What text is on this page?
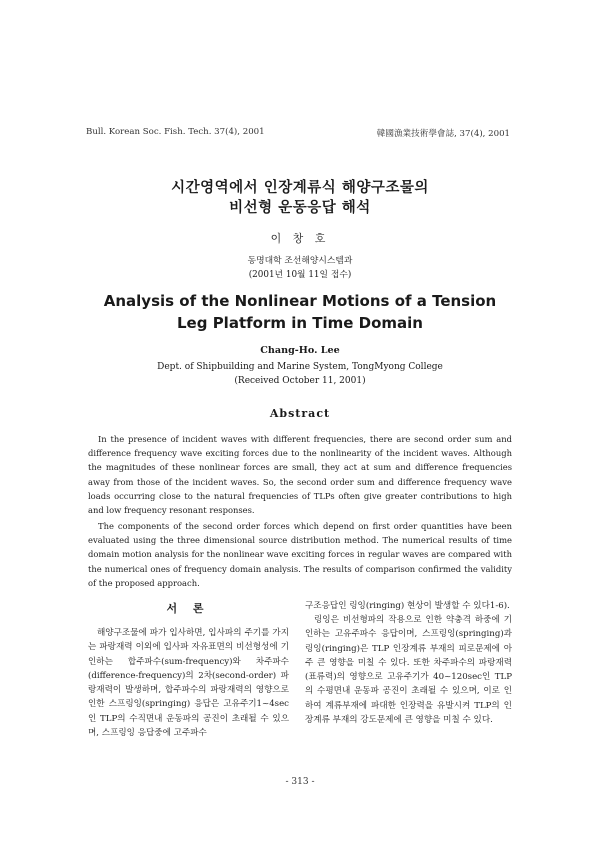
Bull. Korean Soc. Fish. Tech. 37(4), 2001	韓國漁業技術學會誌, 37(4), 2001
시간영역에서 인장계류식 해양구조물의
비선형 운동응답 해석
이 창 호
동명대학 조선해양시스템과
(2001년 10월 11일 접수)
Analysis of the Nonlinear Motions of a Tension
Leg Platform in Time Domain
Chang-Ho. Lee
Dept. of Shipbuilding and Marine System, TongMyong College
(Received October 11, 2001)
Abstract

In the presence of incident waves with different frequencies, there are second order sum and difference frequency wave exciting forces due to the nonlinearity of the incident waves. Although the magnitudes of these nonlinear forces are small, they act at sum and difference frequencies away from those of the incident waves. So, the second order sum and difference frequency wave loads occurring close to the natural frequencies of TLPs often give greater contributions to high and low frequency resonant responses.

The components of the second order forces which depend on first order quantities have been evaluated using the three dimensional source distribution method. The numerical results of time domain motion analysis for the nonlinear wave exciting forces in regular waves are compared with the numerical ones of frequency domain analysis. The results of comparison confirmed the validity of the proposed approach.

서 론

해양구조물에 파가 입사하면, 입사파의 주기를 가지는 파랑재력 이외에 입사파 자유표면의 비선형성에 기인하는 합주파수(sum-frequency)와 차주파수(difference-frequency)의 2차(second-order) 파랑재력이 발생하며, 합주파수의 파랑재력의 영향으로 인한 스프링잉(springing) 응답은 고유주기1~4sec인 TLP의 수직면내 운동파의 공진이 초래될 수 있으며, 스프링잉 응답중에 고주파수

구조응답인 링잉(ringing) 현상이 발생할 수 있다1-6).

링잉은 비선형파의 작용으로 인한 약충격 하중에 기인하는 고유주파수 응답이며, 스프링잉(springing)과 링잉(ringing)은 TLP 인장계류 부재의 피로문제에 아주 큰 영향을 미칠 수 있다. 또한 차주파수의 파랑재력(표류력)의 영향으로 고유주기가 40~120sec인 TLP의 수평면내 운동파 공진이 초래될 수 있으며, 이로 인하여 계류부재에 파대한 인장력을 유발시켜 TLP의 인장계류 부재의 강도문제에 큰 영향을 미칠 수 있다.

- 313 -
